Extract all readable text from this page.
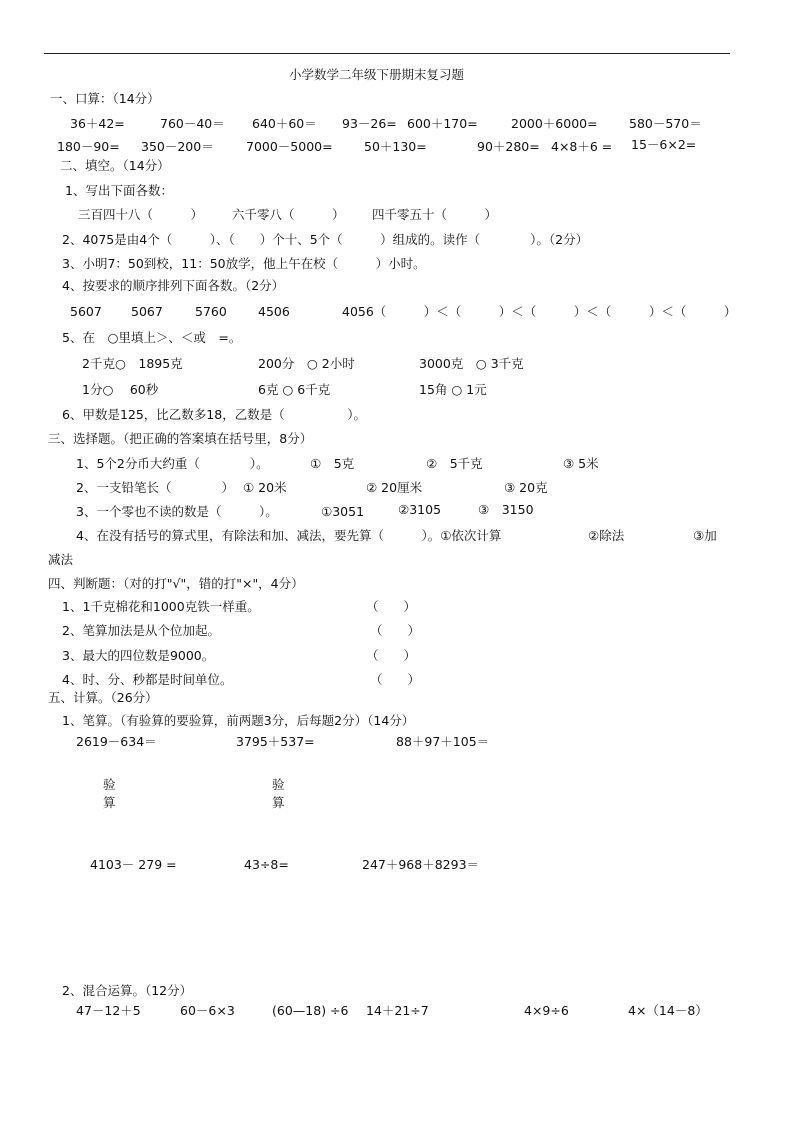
小学数学二年级下册期末复习题
一、口算：（14分）
36＋42=	760－40＝ 640＋60＝ 93－26= 600＋170=	2000＋6000=	580－570＝
180－90= 350－200＝	7000－5000=	50＋130=	90＋280= 4×8＋6 = 15－6×2=
二、填空。（14分）
1、写出下面各数：
三百四十八（　　　） 六千零八（　　　） 四千零五十（　　　）
2、4075是由4个（　　　）、（　　）个十、5个（　　　）组成的。读作（　　　　）。（2分）
3、小明7：50到校，11：50放学，他上午在校（　　　）小时。
4、按要求的顺序排列下面各数。（2分）
5607 5067	5760 4506	4056（　　　）＜（　　　）＜（　　　）＜（　　　）＜（　　　）
5、在　○里填上＞、＜或　=。
2千克○　1895克	200分　○ 2小时	3000克　○ 3千克
1分○　 60秒	6克 ○ 6千克	15角 ○ 1元
6、甲数是125，比乙数多18，乙数是（　　　　　）。
三、选择题。（把正确的答案填在括号里，8分）
1、5个2分币大约重（　　　　）。	①　5克	②　5千克	③ 5米
2、一支铅笔长（　　　　） ① 20米	② 20厘米	③ 20克
3、一个零也不读的数是（　　　）。	①3051	②3105	③　3150
4、在没有括号的算式里，有除法和加、减法，要先算（　　　）。①依次计算	②除法	③加
减法
四、判断题：（对的打"√"，错的打"×"，4分）
1、1千克棉花和1000克铁一样重。	（　　）
2、笔算加法是从个位加起。	（　　）
3、最大的四位数是9000。	（　　）
4、时、分、秒都是时间单位。	（　　）
五、计算。（26分）
1、笔算。（有验算的要验算，前两题3分，后每题2分）（14分）
2619－634＝	3795＋537=	88＋97＋105＝
验
算
验
算
4103－ 279 =	43÷8=	247＋968＋8293＝
2、混合运算。（12分）
47－12＋5	60－6×3	(60—18) ÷6 14＋21÷7	4×9÷6	4×（14－8）
